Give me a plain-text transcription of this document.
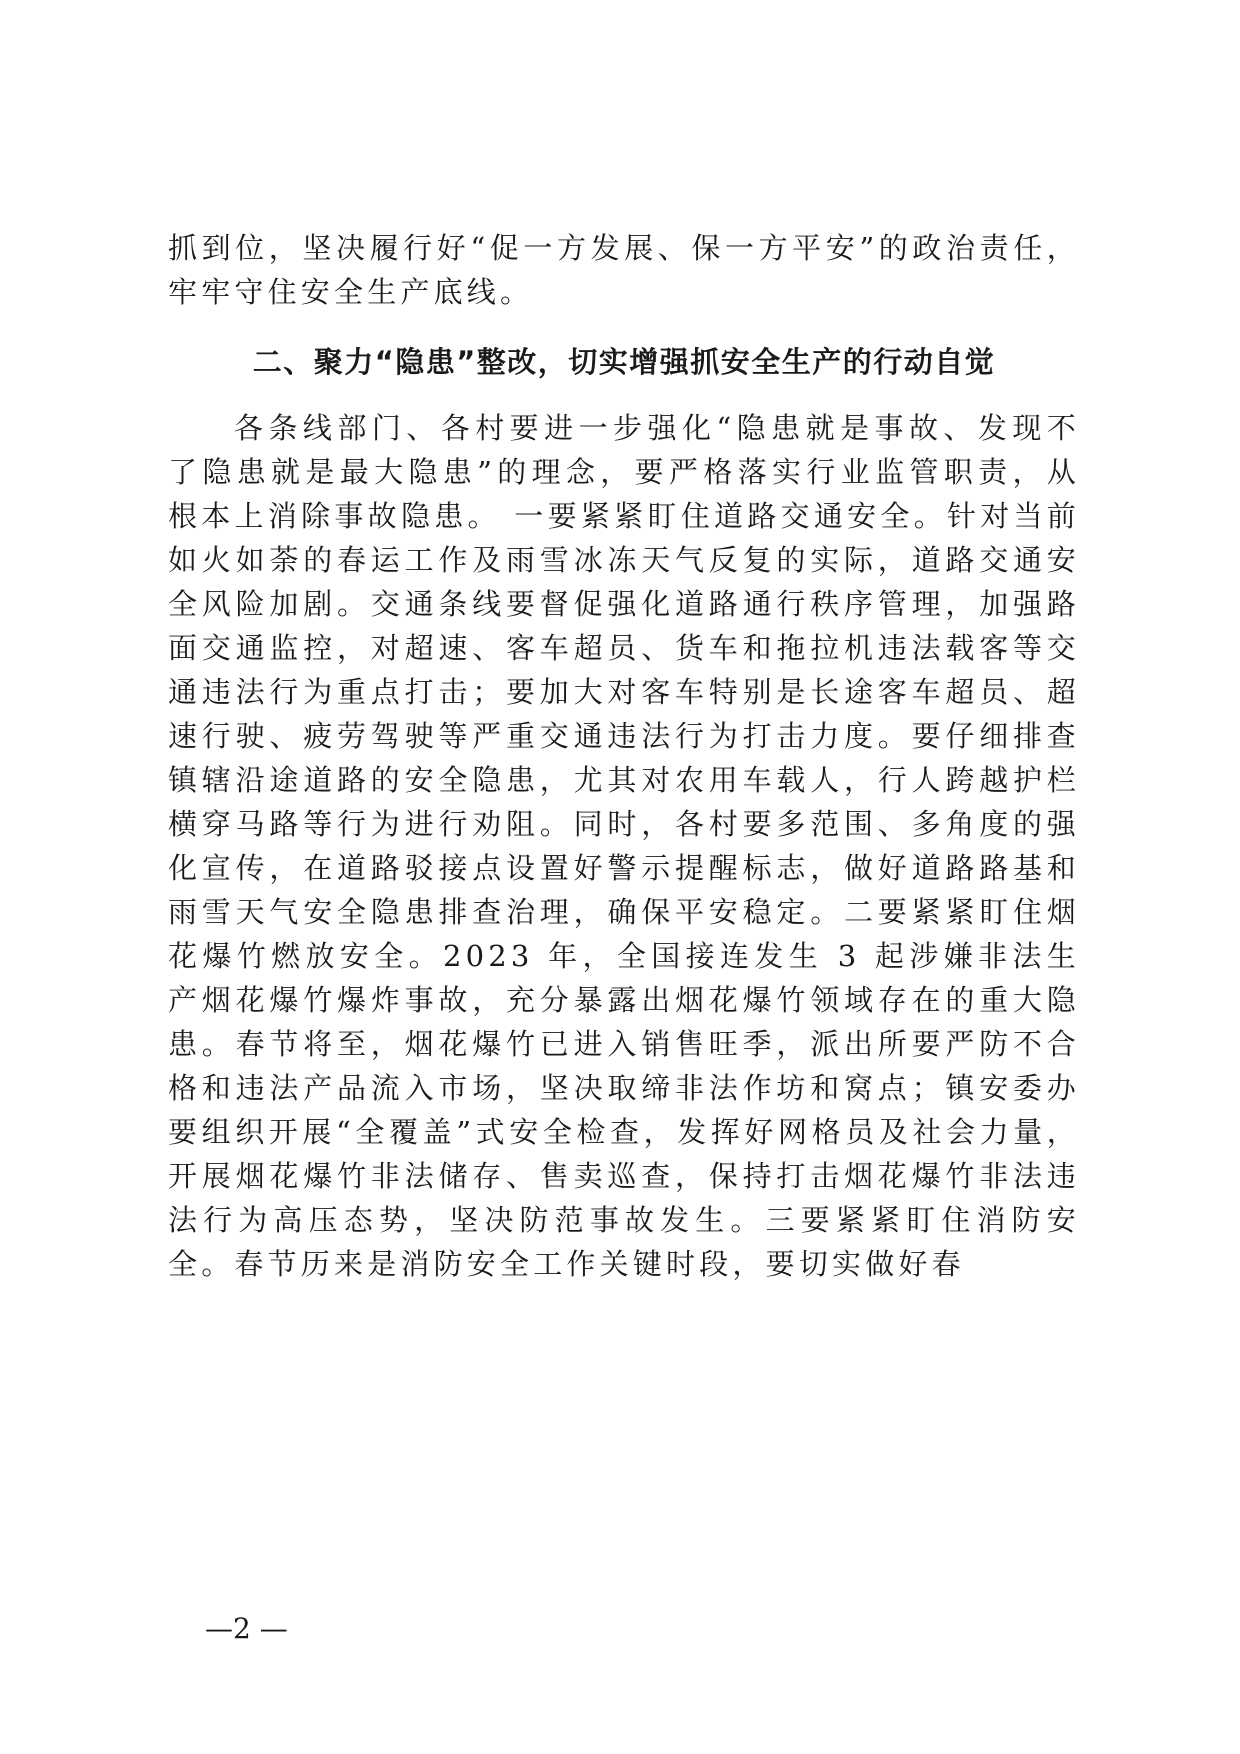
抓到位，坚决履行好“促一方发展、保一方平安”的政治责任，牢牢守住安全生产底线。

二、聚力“隐患”整改，切实增强抓安全生产的行动自觉

各条线部门、各村要进一步强化“隐患就是事故、发现不了隐患就是最大隐患”的理念，要严格落实行业监管职责，从根本上消除事故隐患。 一要紧紧盯住道路交通安全。针对当前如火如荼的春运工作及雨雪冰冻天气反复的实际，道路交通安全风险加剧。交通条线要督促强化道路通行秩序管理，加强路面交通监控，对超速、客车超员、货车和拖拉机违法载客等交通违法行为重点打击；要加大对客车特别是长途客车超员、超速行驶、疲劳驾驶等严重交通违法行为打击力度。要仔细排查镇辖沿途道路的安全隐患，尤其对农用车载人，行人跨越护栏横穿马路等行为进行劝阻。同时，各村要多范围、多角度的强化宣传，在道路驳接点设置好警示提醒标志，做好道路路基和雨雪天气安全隐患排查治理，确保平安稳定。二要紧紧盯住烟花爆竹燃放安全。2023 年，全国接连发生 3 起涉嫌非法生产烟花爆竹爆炸事故，充分暴露出烟花爆竹领域存在的重大隐患。春节将至，烟花爆竹已进入销售旺季，派出所要严防不合格和违法产品流入市场，坚决取缔非法作坊和窝点；镇安委办要组织开展“全覆盖”式安全检查，发挥好网格员及社会力量，开展烟花爆竹非法储存、售卖巡查，保持打击烟花爆竹非法违法行为高压态势，坚决防范事故发生。三要紧紧盯住消防安全。春节历来是消防安全工作关键时段，要切实做好春

—2 —
